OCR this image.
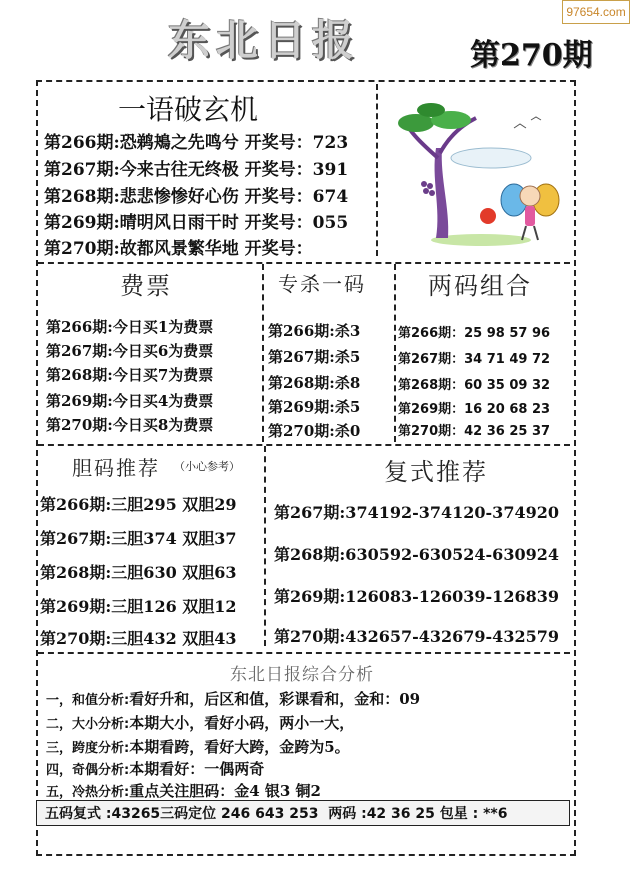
97654.com
东北日报	第270期
一语破玄机
第266期:恐鹈鴂之先鸣兮 开奖号：723
第267期:今来古往无终极 开奖号：391
第268期:悲悲惨惨好心伤 开奖号：674
第269期:晴明风日雨干时 开奖号：055
第270期:故都风景繁华地 开奖号：
费票
第266期:今日买1为费票
第267期:今日买6为费票
第268期:今日买7为费票
第269期:今日买4为费票
第270期:今日买8为费票
专杀一码
第266期:杀3
第267期:杀5
第268期:杀8
第269期:杀5
第270期:杀0
两码组合
第266期：25 98 57 96
第267期：34 71 49 72
第268期：60 35 09 32
第269期：16 20 68 23
第270期：42 36 25 37
胆码推荐 （小心参考）
第266期:三胆295 双胆29
第267期:三胆374 双胆37
第268期:三胆630 双胆63
第269期:三胆126 双胆12
第270期:三胆432 双胆43
复式推荐
第267期:374192-374120-374920
第268期:630592-630524-630924
第269期:126083-126039-126839
第270期:432657-432679-432579
东北日报综合分析
一，和值分析:看好升和，后区和值，彩课看和，金和：09
二，大小分析:本期大小，看好小码，两小一大，
三，跨度分析:本期看跨，看好大跨，金跨为5。
四，奇偶分析:本期看好：一偶两奇
五，冷热分析:重点关注胆码：金4 银3 铜2
五码复式 :43265三码定位 246 643 253  两码 :42 36 25 包星 : **6
